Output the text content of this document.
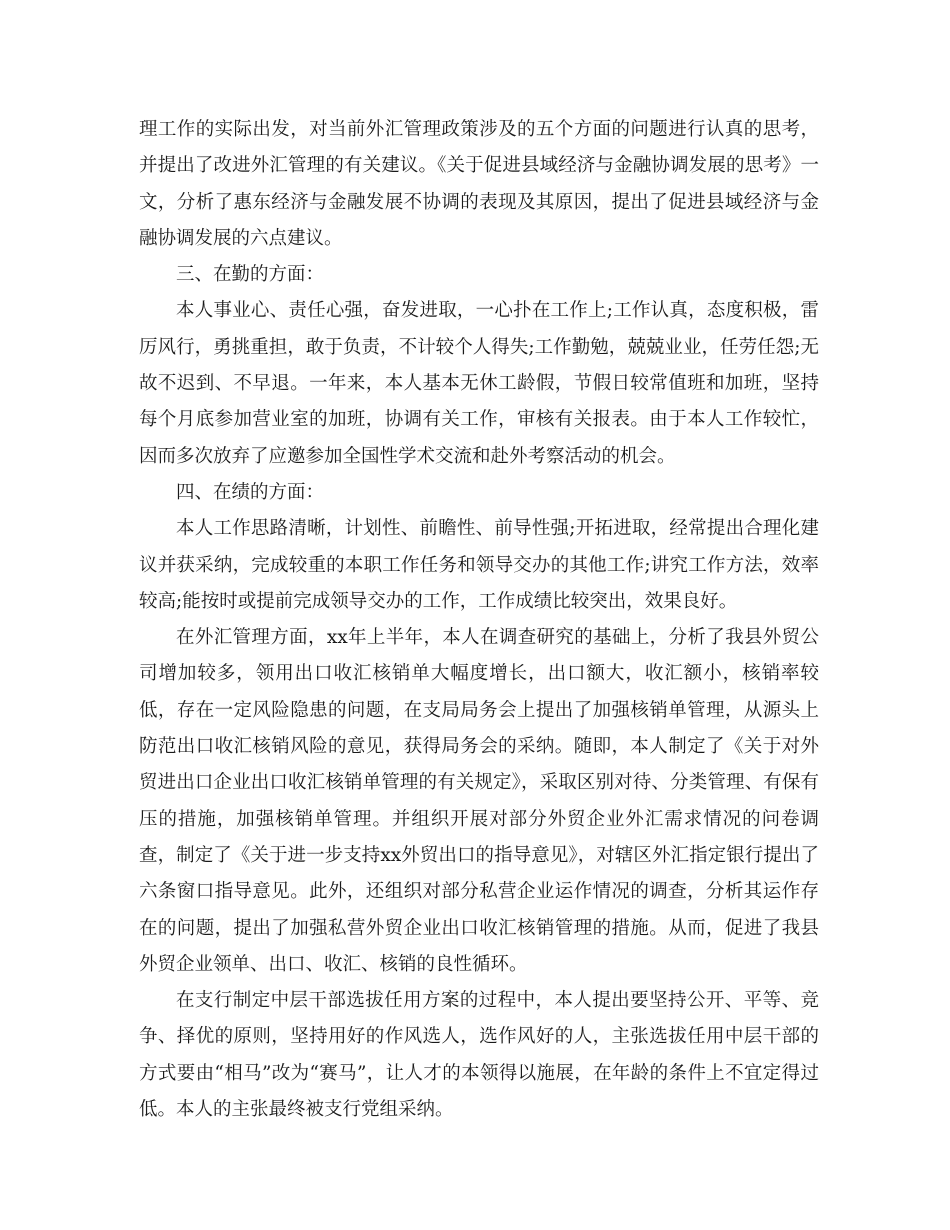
理工作的实际出发，对当前外汇管理政策涉及的五个方面的问题进行认真的思考，并提出了改进外汇管理的有关建议。《关于促进县域经济与金融协调发展的思考》一文，分析了惠东经济与金融发展不协调的表现及其原因，提出了促进县域经济与金融协调发展的六点建议。

三、在勤的方面：

本人事业心、责任心强，奋发进取，一心扑在工作上;工作认真，态度积极，雷厉风行，勇挑重担，敢于负责，不计较个人得失;工作勤勉，兢兢业业，任劳任怨;无故不迟到、不早退。一年来，本人基本无休工龄假，节假日较常值班和加班，坚持每个月底参加营业室的加班，协调有关工作，审核有关报表。由于本人工作较忙，因而多次放弃了应邀参加全国性学术交流和赴外考察活动的机会。

四、在绩的方面：

本人工作思路清晰，计划性、前瞻性、前导性强;开拓进取，经常提出合理化建议并获采纳，完成较重的本职工作任务和领导交办的其他工作;讲究工作方法，效率较高;能按时或提前完成领导交办的工作，工作成绩比较突出，效果良好。

在外汇管理方面，xx年上半年，本人在调查研究的基础上，分析了我县外贸公司增加较多，领用出口收汇核销单大幅度增长，出口额大，收汇额小，核销率较低，存在一定风险隐患的问题，在支局局务会上提出了加强核销单管理，从源头上防范出口收汇核销风险的意见，获得局务会的采纳。随即，本人制定了《关于对外贸进出口企业出口收汇核销单管理的有关规定》，采取区别对待、分类管理、有保有压的措施，加强核销单管理。并组织开展对部分外贸企业外汇需求情况的问卷调查，制定了《关于进一步支持xx外贸出口的指导意见》，对辖区外汇指定银行提出了六条窗口指导意见。此外，还组织对部分私营企业运作情况的调查，分析其运作存在的问题，提出了加强私营外贸企业出口收汇核销管理的措施。从而，促进了我县外贸企业领单、出口、收汇、核销的良性循环。

在支行制定中层干部选拔任用方案的过程中，本人提出要坚持公开、平等、竞争、择优的原则，坚持用好的作风选人，选作风好的人，主张选拔任用中层干部的方式要由“相马”改为“赛马”，让人才的本领得以施展，在年龄的条件上不宜定得过低。本人的主张最终被支行党组采纳。
